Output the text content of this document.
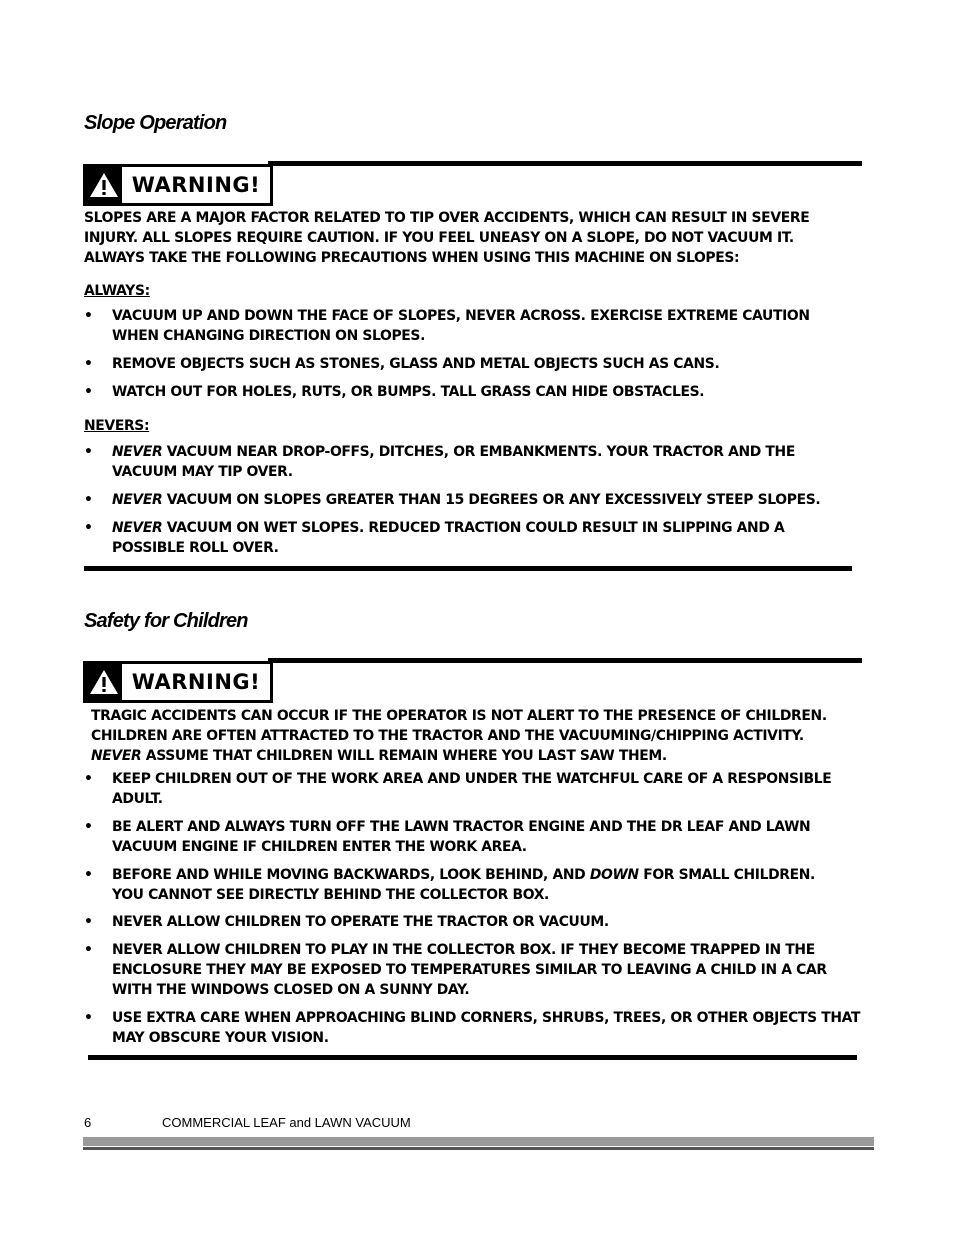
Slope Operation
WARNING!
SLOPES ARE A MAJOR FACTOR RELATED TO TIP OVER ACCIDENTS, WHICH CAN RESULT IN SEVERE
INJURY. ALL SLOPES REQUIRE CAUTION. IF YOU FEEL UNEASY ON A SLOPE, DO NOT VACUUM IT.
ALWAYS TAKE THE FOLLOWING PRECAUTIONS WHEN USING THIS MACHINE ON SLOPES:
ALWAYS:
•	VACUUM UP AND DOWN THE FACE OF SLOPES, NEVER ACROSS. EXERCISE EXTREME CAUTION
WHEN CHANGING DIRECTION ON SLOPES.
•	REMOVE OBJECTS SUCH AS STONES, GLASS AND METAL OBJECTS SUCH AS CANS.
•	WATCH OUT FOR HOLES, RUTS, OR BUMPS. TALL GRASS CAN HIDE OBSTACLES.
NEVERS:
•	NEVER VACUUM NEAR DROP-OFFS, DITCHES, OR EMBANKMENTS. YOUR TRACTOR AND THE
VACUUM MAY TIP OVER.
•	NEVER VACUUM ON SLOPES GREATER THAN 15 DEGREES OR ANY EXCESSIVELY STEEP SLOPES.
•	NEVER VACUUM ON WET SLOPES. REDUCED TRACTION COULD RESULT IN SLIPPING AND A
POSSIBLE ROLL OVER.
Safety for Children
WARNING!
TRAGIC ACCIDENTS CAN OCCUR IF THE OPERATOR IS NOT ALERT TO THE PRESENCE OF CHILDREN.
CHILDREN ARE OFTEN ATTRACTED TO THE TRACTOR AND THE VACUUMING/CHIPPING ACTIVITY.
NEVER ASSUME THAT CHILDREN WILL REMAIN WHERE YOU LAST SAW THEM.
•	KEEP CHILDREN OUT OF THE WORK AREA AND UNDER THE WATCHFUL CARE OF A RESPONSIBLE
ADULT.
•	BE ALERT AND ALWAYS TURN OFF THE LAWN TRACTOR ENGINE AND THE DR LEAF AND LAWN
VACUUM ENGINE IF CHILDREN ENTER THE WORK AREA.
•	BEFORE AND WHILE MOVING BACKWARDS, LOOK BEHIND, AND DOWN FOR SMALL CHILDREN.
YOU CANNOT SEE DIRECTLY BEHIND THE COLLECTOR BOX.
•	NEVER ALLOW CHILDREN TO OPERATE THE TRACTOR OR VACUUM.
•	NEVER ALLOW CHILDREN TO PLAY IN THE COLLECTOR BOX. IF THEY BECOME TRAPPED IN THE
ENCLOSURE THEY MAY BE EXPOSED TO TEMPERATURES SIMILAR TO LEAVING A CHILD IN A CAR
WITH THE WINDOWS CLOSED ON A SUNNY DAY.
•	USE EXTRA CARE WHEN APPROACHING BLIND CORNERS, SHRUBS, TREES, OR OTHER OBJECTS THAT
MAY OBSCURE YOUR VISION.
6	COMMERCIAL LEAF and LAWN VACUUM
